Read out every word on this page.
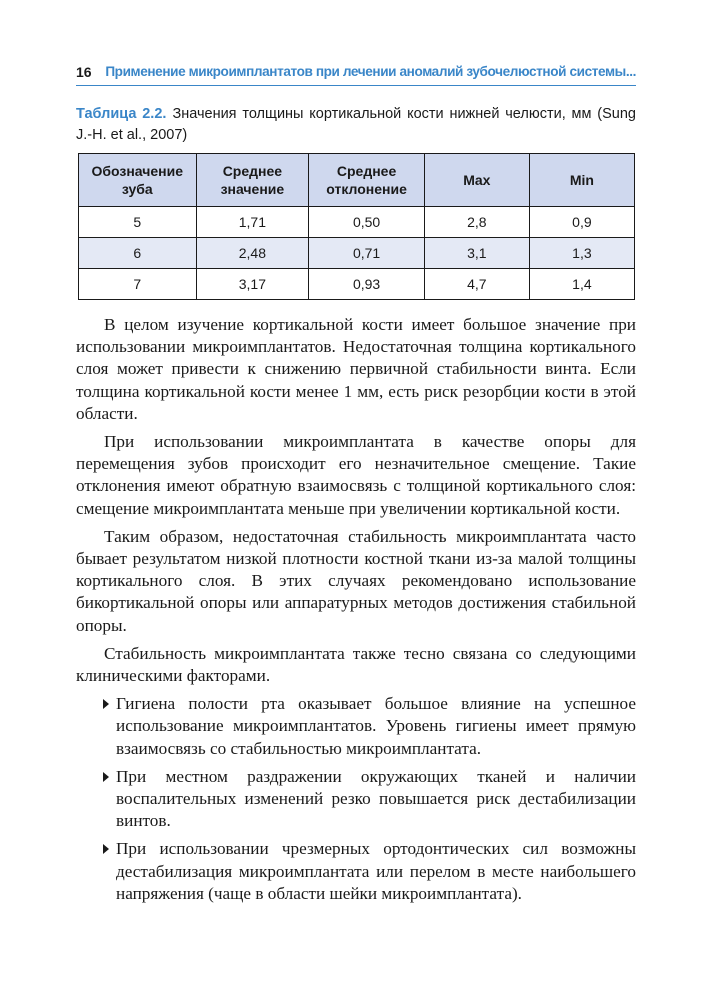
16 Применение микроимплантатов при лечении аномалий зубочелюстной системы...
Таблица 2.2. Значения толщины кортикальной кости нижней челюсти, мм (Sung J.-H. et al., 2007)
Обозначение зуба	Среднее значение	Среднее отклонение	Max	Min
5	1,71	0,50	2,8	0,9
6	2,48	0,71	3,1	1,3
7	3,17	0,93	4,7	1,4

В целом изучение кортикальной кости имеет большое значение при использовании микроимплантатов. Недостаточная толщина кортикального слоя может привести к снижению первичной стабильности винта. Если толщина кортикальной кости менее 1 мм, есть риск резорбции кости в этой области.

При использовании микроимплантата в качестве опоры для перемещения зубов происходит его незначительное смещение. Такие отклонения имеют обратную взаимосвязь с толщиной кортикального слоя: смещение микроимплантата меньше при увеличении кортикальной кости.

Таким образом, недостаточная стабильность микроимплантата часто бывает результатом низкой плотности костной ткани из-за малой толщины кортикального слоя. В этих случаях рекомендовано использование бикортикальной опоры или аппаратурных методов достижения стабильной опоры.

Стабильность микроимплантата также тесно связана со следующими клиническими факторами.

Гигиена полости рта оказывает большое влияние на успешное использование микроимплантатов. Уровень гигиены имеет прямую взаимосвязь со стабильностью микроимплантата.
При местном раздражении окружающих тканей и наличии воспалительных изменений резко повышается риск дестабилизации винтов.
При использовании чрезмерных ортодонтических сил возможны дестабилизация микроимплантата или перелом в месте наибольшего напряжения (чаще в области шейки микроимплантата).
